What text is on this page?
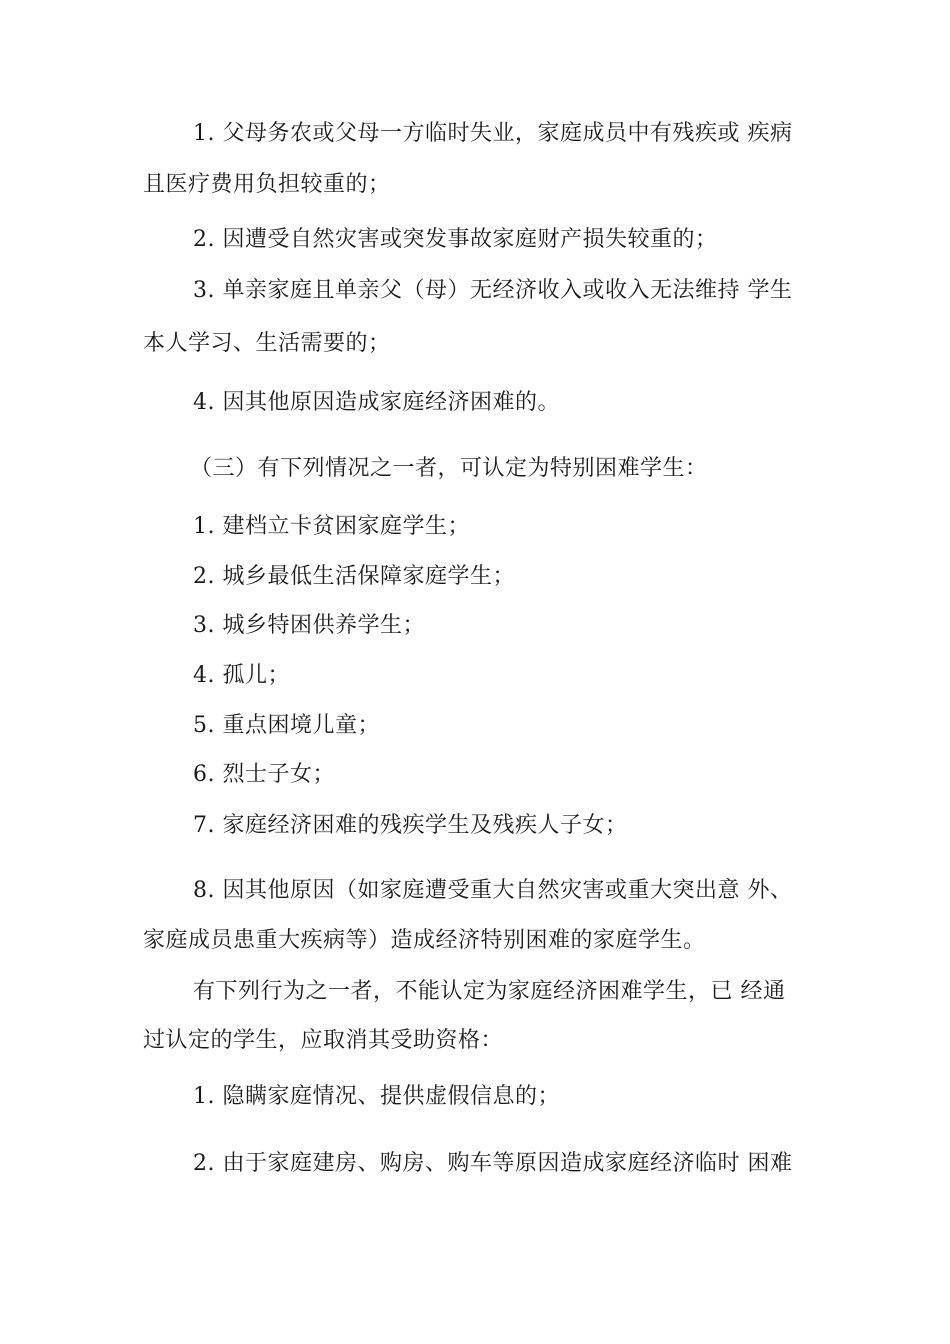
1. 父母务农或父母一方临时失业，家庭成员中有残疾或 疾病
且医疗费用负担较重的；
2. 因遭受自然灾害或突发事故家庭财产损失较重的；
3. 单亲家庭且单亲父（母）无经济收入或收入无法维持 学生
本人学习、生活需要的；
4. 因其他原因造成家庭经济困难的。
（三）有下列情况之一者，可认定为特别困难学生：
1. 建档立卡贫困家庭学生；
2. 城乡最低生活保障家庭学生；
3. 城乡特困供养学生；
4. 孤儿；
5. 重点困境儿童；
6. 烈士子女；
7. 家庭经济困难的残疾学生及残疾人子女；
8. 因其他原因（如家庭遭受重大自然灾害或重大突出意 外、
家庭成员患重大疾病等）造成经济特别困难的家庭学生。
有下列行为之一者，不能认定为家庭经济困难学生，已 经通
过认定的学生，应取消其受助资格：
1. 隐瞒家庭情况、提供虚假信息的；
2. 由于家庭建房、购房、购车等原因造成家庭经济临时 困难
